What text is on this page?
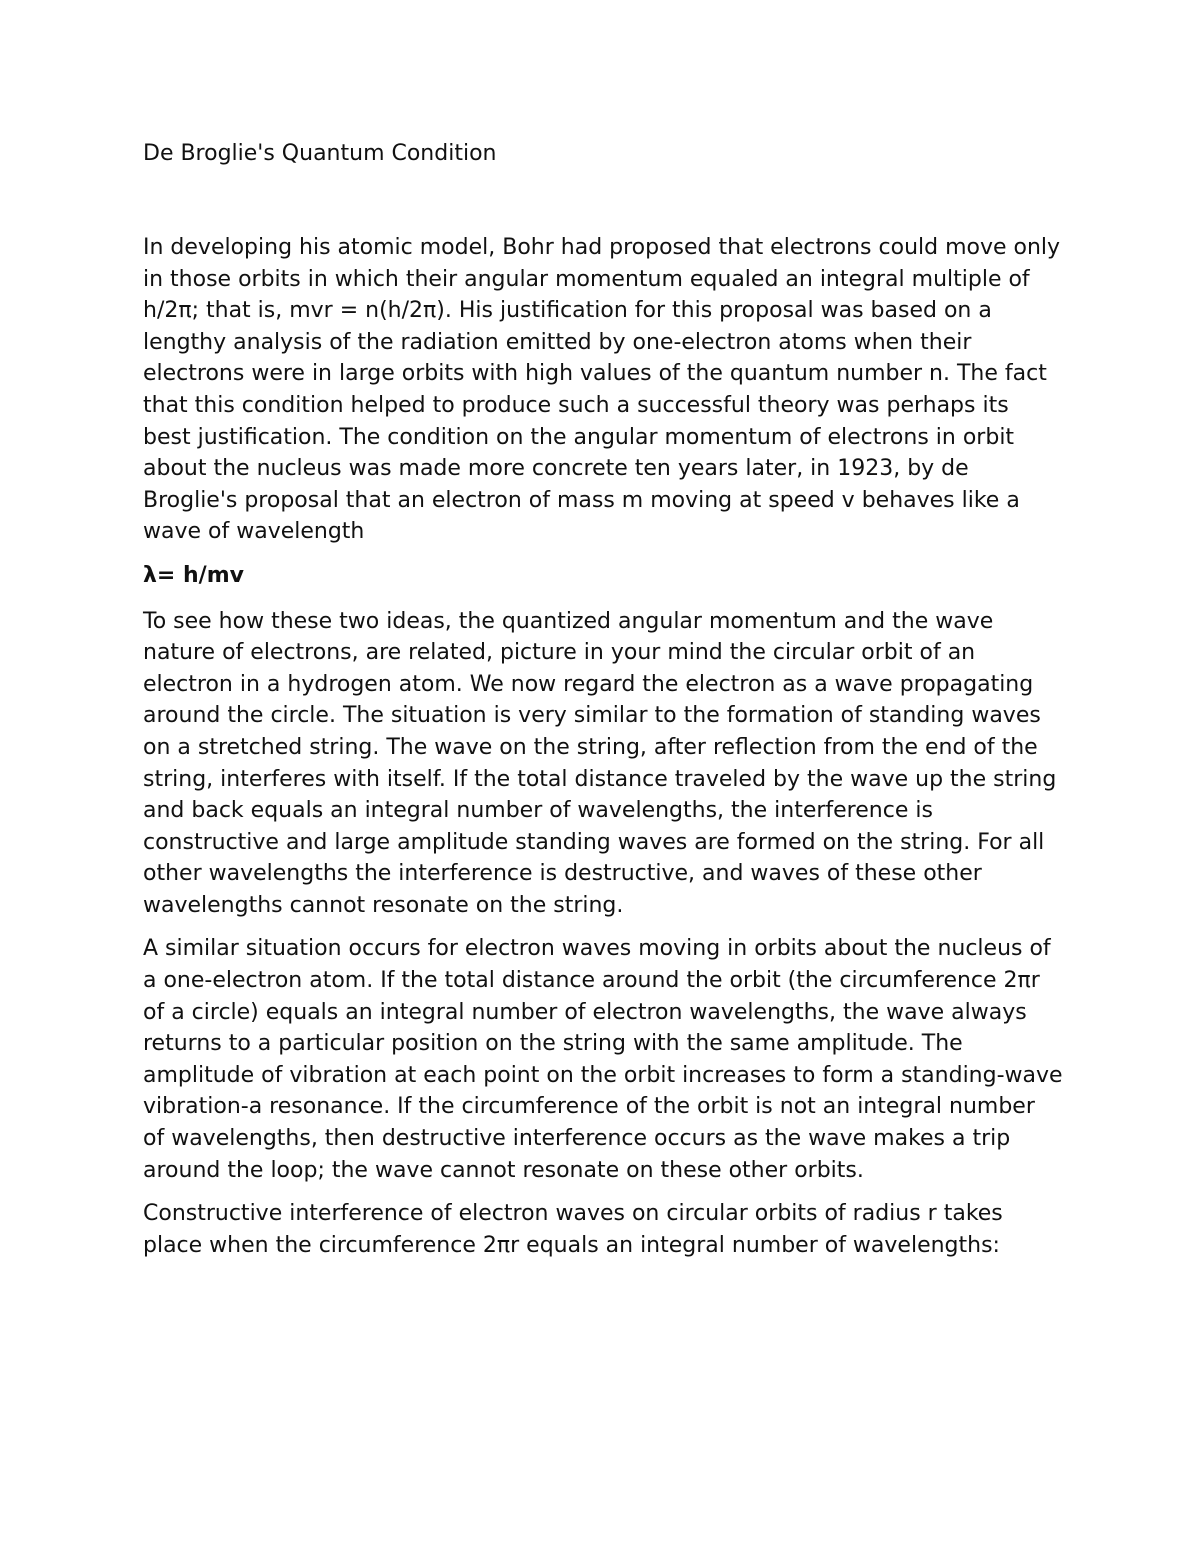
De Broglie's Quantum Condition

In developing his atomic model, Bohr had proposed that electrons could move only in those orbits in which their angular momentum equaled an integral multiple of h/2π; that is, mvr = n(h/2π). His justification for this proposal was based on a lengthy analysis of the radiation emitted by one-electron atoms when their electrons were in large orbits with high values of the quantum number n. The fact that this condition helped to produce such a successful theory was perhaps its best justification. The condition on the angular momentum of electrons in orbit about the nucleus was made more concrete ten years later, in 1923, by de Broglie's proposal that an electron of mass m moving at speed v behaves like a wave of wavelength

λ= h/mv

To see how these two ideas, the quantized angular momentum and the wave nature of electrons, are related, picture in your mind the circular orbit of an electron in a hydrogen atom. We now regard the electron as a wave propagating around the circle. The situation is very similar to the formation of standing waves on a stretched string. The wave on the string, after reflection from the end of the string, interferes with itself. If the total distance traveled by the wave up the string and back equals an integral number of wavelengths, the interference is constructive and large amplitude standing waves are formed on the string. For all other wavelengths the interference is destructive, and waves of these other wavelengths cannot resonate on the string.

A similar situation occurs for electron waves moving in orbits about the nucleus of a one-electron atom. If the total distance around the orbit (the circumference 2πr of a circle) equals an integral number of electron wavelengths, the wave always returns to a particular position on the string with the same amplitude. The amplitude of vibration at each point on the orbit increases to form a standing-wave vibration-a resonance. If the circumference of the orbit is not an integral number of wavelengths, then destructive interference occurs as the wave makes a trip around the loop; the wave cannot resonate on these other orbits.

Constructive interference of electron waves on circular orbits of radius r takes place when the circumference 2πr equals an integral number of wavelengths:
